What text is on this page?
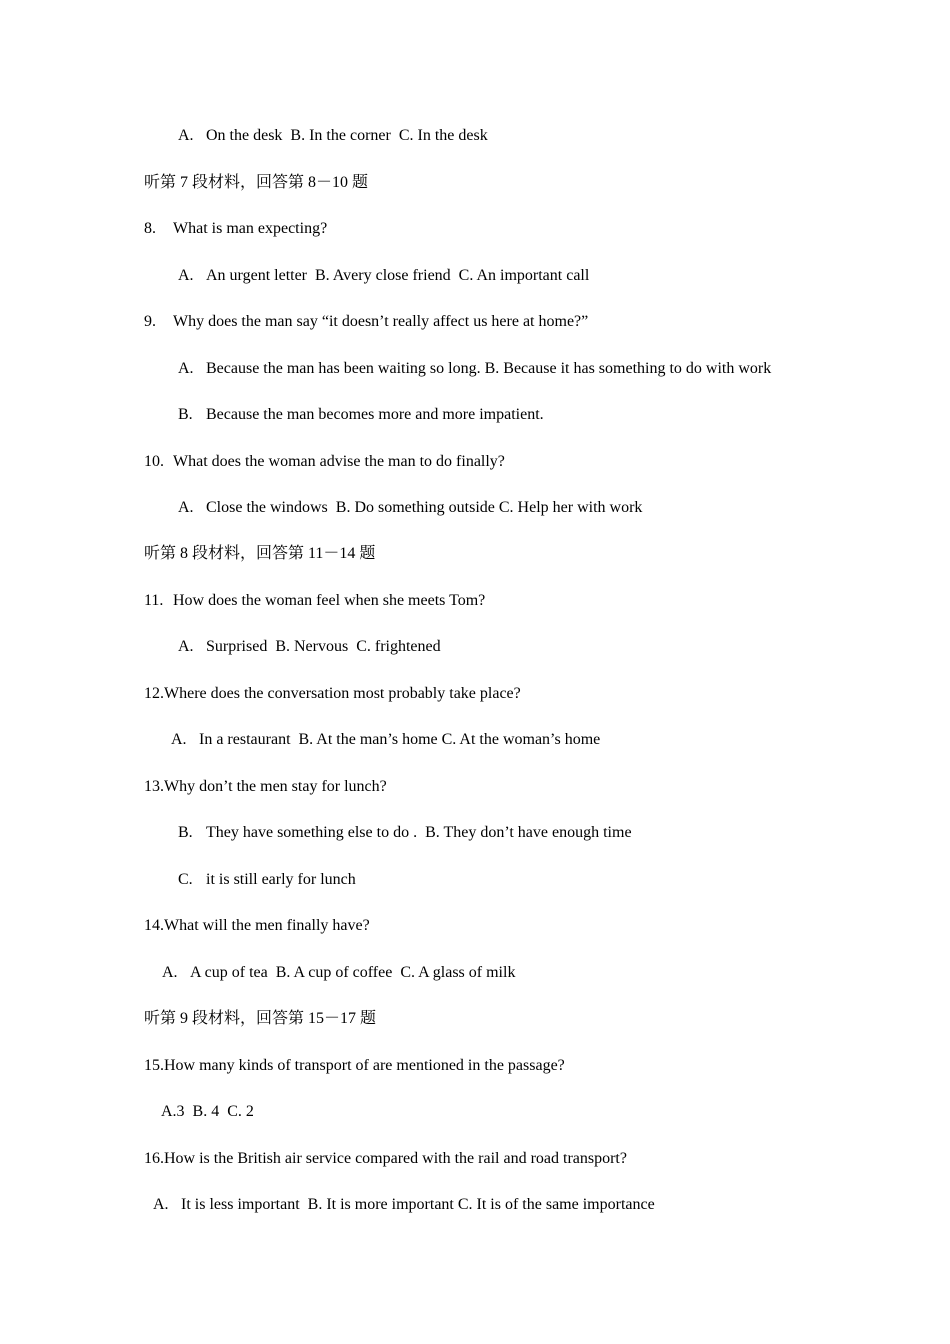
A. On the desk  B. In the corner  C. In the desk
听第 7 段材料，回答第 8－10 题
8. What is man expecting?
A. An urgent letter  B. Avery close friend  C. An important call
9. Why does the man say “it doesn’t really affect us here at home?”
A. Because the man has been waiting so long. B. Because it has something to do with work
B. Because the man becomes more and more impatient.
10. What does the woman advise the man to do finally?
A. Close the windows  B. Do something outside C. Help her with work
听第 8 段材料，回答第 11－14 题
11. How does the woman feel when she meets Tom?
A. Surprised  B. Nervous  C. frightened
12.Where does the conversation most probably take place?
A. In a restaurant  B. At the man’s home C. At the woman’s home
13.Why don’t the men stay for lunch?
B. They have something else to do .  B. They don’t have enough time
C. it is still early for lunch
14.What will the men finally have?
A. A cup of tea  B. A cup of coffee  C. A glass of milk
听第 9 段材料，回答第 15－17 题
15.How many kinds of transport of are mentioned in the passage?
A.3  B. 4  C. 2
16.How is the British air service compared with the rail and road transport?
A. It is less important  B. It is more important C. It is of the same importance
